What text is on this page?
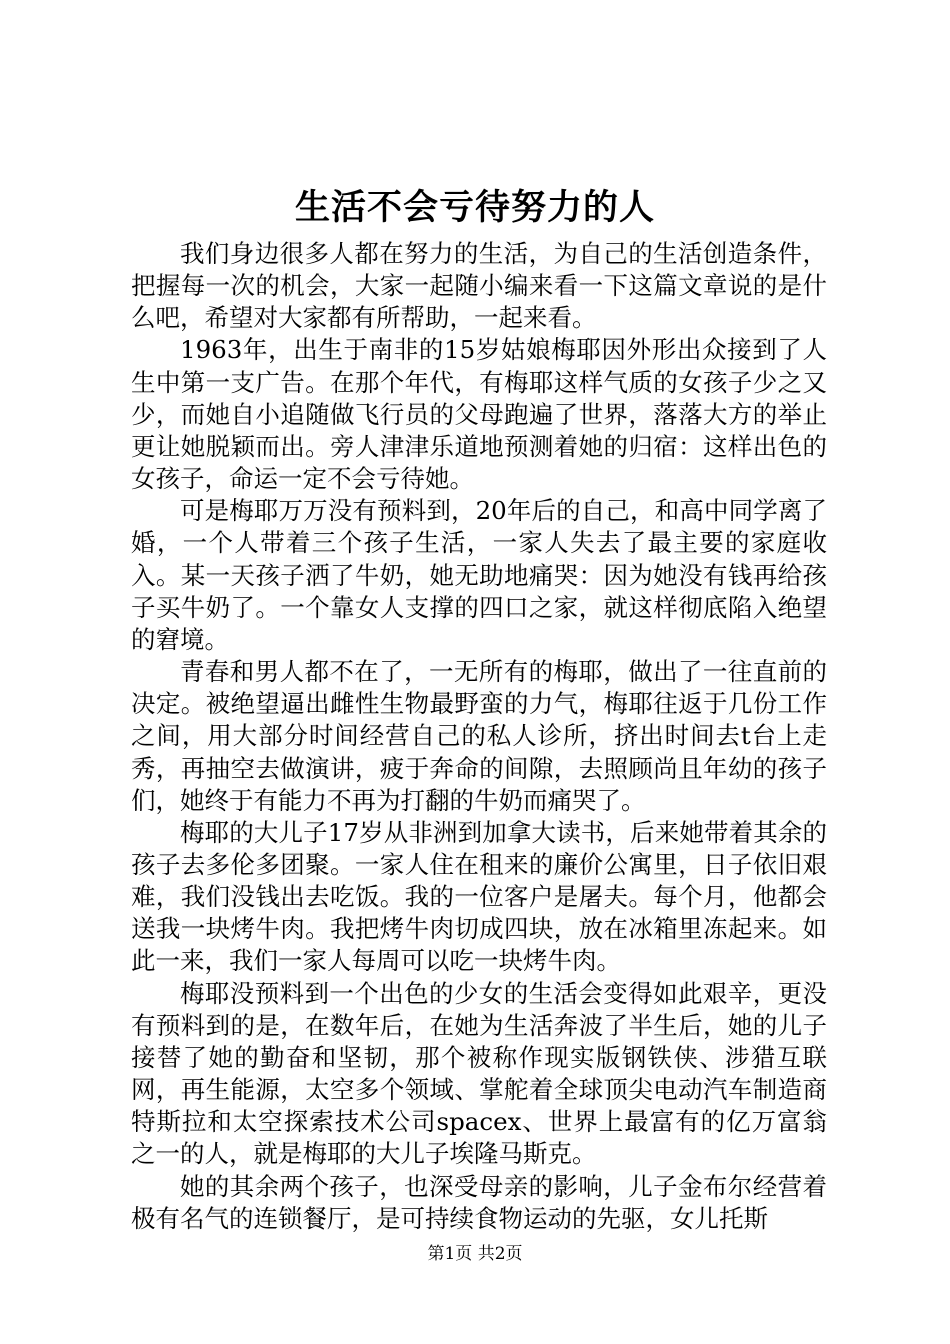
生活不会亏待努力的人

我们身边很多人都在努力的生活，为自己的生活创造条件，把握每一次的机会，大家一起随小编来看一下这篇文章说的是什么吧，希望对大家都有所帮助，一起来看。

1963年，出生于南非的15岁姑娘梅耶因外形出众接到了人生中第一支广告。在那个年代，有梅耶这样气质的女孩子少之又少，而她自小追随做飞行员的父母跑遍了世界，落落大方的举止更让她脱颖而出。旁人津津乐道地预测着她的归宿：这样出色的女孩子，命运一定不会亏待她。

可是梅耶万万没有预料到，20年后的自己，和高中同学离了婚，一个人带着三个孩子生活，一家人失去了最主要的家庭收入。某一天孩子洒了牛奶，她无助地痛哭：因为她没有钱再给孩子买牛奶了。一个靠女人支撑的四口之家，就这样彻底陷入绝望的窘境。

青春和男人都不在了，一无所有的梅耶，做出了一往直前的决定。被绝望逼出雌性生物最野蛮的力气，梅耶往返于几份工作之间，用大部分时间经营自己的私人诊所，挤出时间去t台上走秀，再抽空去做演讲，疲于奔命的间隙，去照顾尚且年幼的孩子们，她终于有能力不再为打翻的牛奶而痛哭了。

梅耶的大儿子17岁从非洲到加拿大读书，后来她带着其余的孩子去多伦多团聚。一家人住在租来的廉价公寓里，日子依旧艰难，我们没钱出去吃饭。我的一位客户是屠夫。每个月，他都会送我一块烤牛肉。我把烤牛肉切成四块，放在冰箱里冻起来。如此一来，我们一家人每周可以吃一块烤牛肉。

梅耶没预料到一个出色的少女的生活会变得如此艰辛，更没有预料到的是，在数年后，在她为生活奔波了半生后，她的儿子接替了她的勤奋和坚韧，那个被称作现实版钢铁侠、涉猎互联网，再生能源，太空多个领域、掌舵着全球顶尖电动汽车制造商特斯拉和太空探索技术公司spacex、世界上最富有的亿万富翁之一的人，就是梅耶的大儿子埃隆马斯克。

她的其余两个孩子，也深受母亲的影响，儿子金布尔经营着极有名气的连锁餐厅，是可持续食物运动的先驱，女儿托斯

第1页 共2页
